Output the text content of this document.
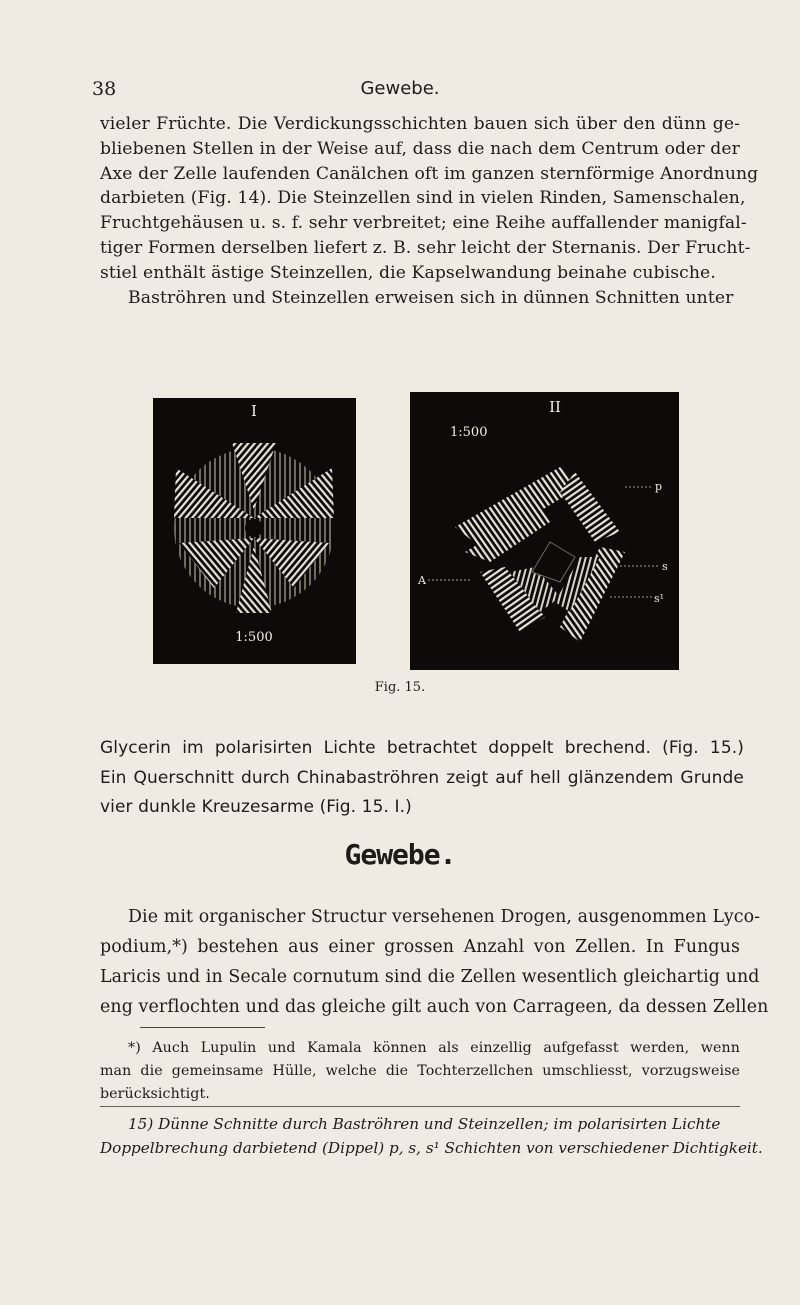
38	Gewebe.
vieler Früchte. Die Verdickungsschichten bauen sich über den dünn ge-
bliebenen Stellen in der Weise auf, dass die nach dem Centrum oder der
Axe der Zelle laufenden Canälchen oft im ganzen sternförmige Anordnung
darbieten (Fig. 14). Die Steinzellen sind in vielen Rinden, Samenschalen,
Fruchtgehäusen u. s. f. sehr verbreitet; eine Reihe auffallender manigfal-
tiger Formen derselben liefert z. B. sehr leicht der Sternanis. Der Frucht-
stiel enthält ästige Steinzellen, die Kapselwandung beinahe cubische.
Baströhren und Steinzellen erweisen sich in dünnen Schnitten unter
I
1:500
II
1:500
p
s
s¹
A
Fig. 15.
Glycerin im polarisirten Lichte betrachtet doppelt brechend. (Fig. 15.)
Ein Querschnitt durch Chinabaströhren zeigt auf hell glänzendem Grunde
vier dunkle Kreuzesarme (Fig. 15. I.)
Gewebe.
Die mit organischer Structur versehenen Drogen, ausgenommen Lyco-
podium,*) bestehen aus einer grossen Anzahl von Zellen. In Fungus
Laricis und in Secale cornutum sind die Zellen wesentlich gleichartig und
eng verflochten und das gleiche gilt auch von Carrageen, da dessen Zellen
*) Auch Lupulin und Kamala können als einzellig aufgefasst werden, wenn
man die gemeinsame Hülle, welche die Tochterzellchen umschliesst, vorzugsweise
berücksichtigt.
15) Dünne Schnitte durch Baströhren und Steinzellen; im polarisirten Lichte
Doppelbrechung darbietend (Dippel) p, s, s¹ Schichten von verschiedener Dichtigkeit.
